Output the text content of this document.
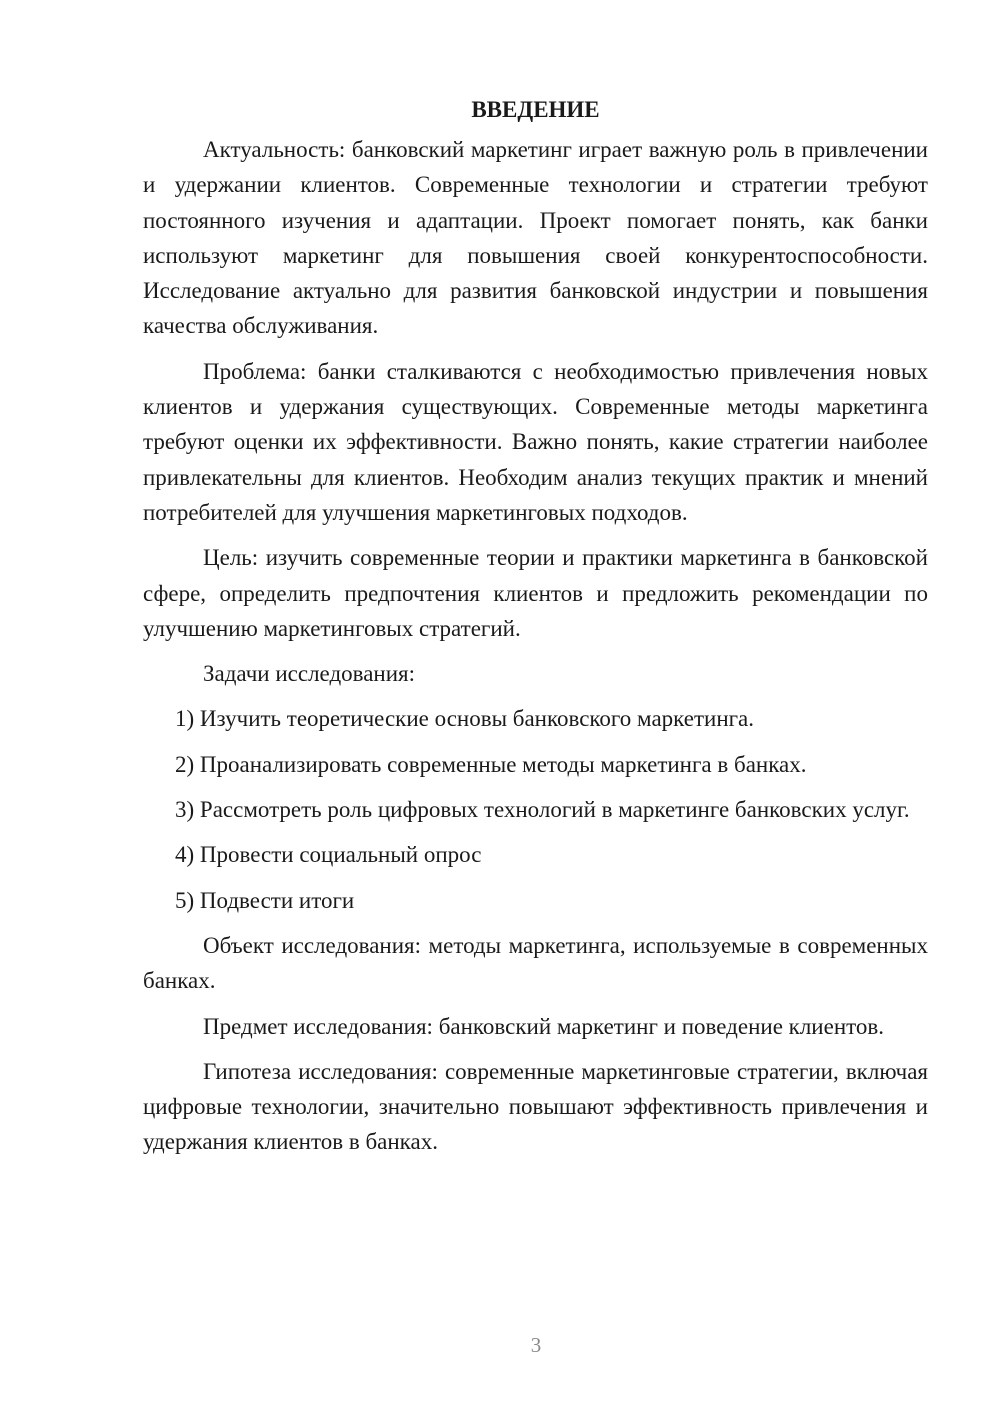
ВВЕДЕНИЕ

Актуальность: банковский маркетинг играет важную роль в привлечении и удержании клиентов. Современные технологии и стратегии требуют постоянного изучения и адаптации. Проект помогает понять, как банки используют маркетинг для повышения своей конкурентоспособности. Исследование актуально для развития банковской индустрии и повышения качества обслуживания.

Проблема: банки сталкиваются с необходимостью привлечения новых клиентов и удержания существующих. Современные методы маркетинга требуют оценки их эффективности. Важно понять, какие стратегии наиболее привлекательны для клиентов. Необходим анализ текущих практик и мнений потребителей для улучшения маркетинговых подходов.

Цель: изучить современные теории и практики маркетинга в банковской сфере, определить предпочтения клиентов и предложить рекомендации по улучшению маркетинговых стратегий.

Задачи исследования:

1) Изучить теоретические основы банковского маркетинга.

2) Проанализировать современные методы маркетинга в банках.

3) Рассмотреть роль цифровых технологий в маркетинге банковских услуг.

4) Провести социальный опрос

5) Подвести итоги

Объект исследования: методы маркетинга, используемые в современных банках.

Предмет исследования: банковский маркетинг и поведение клиентов.

Гипотеза исследования: современные маркетинговые стратегии, включая цифровые технологии, значительно повышают эффективность привлечения и удержания клиентов в банках.

3
